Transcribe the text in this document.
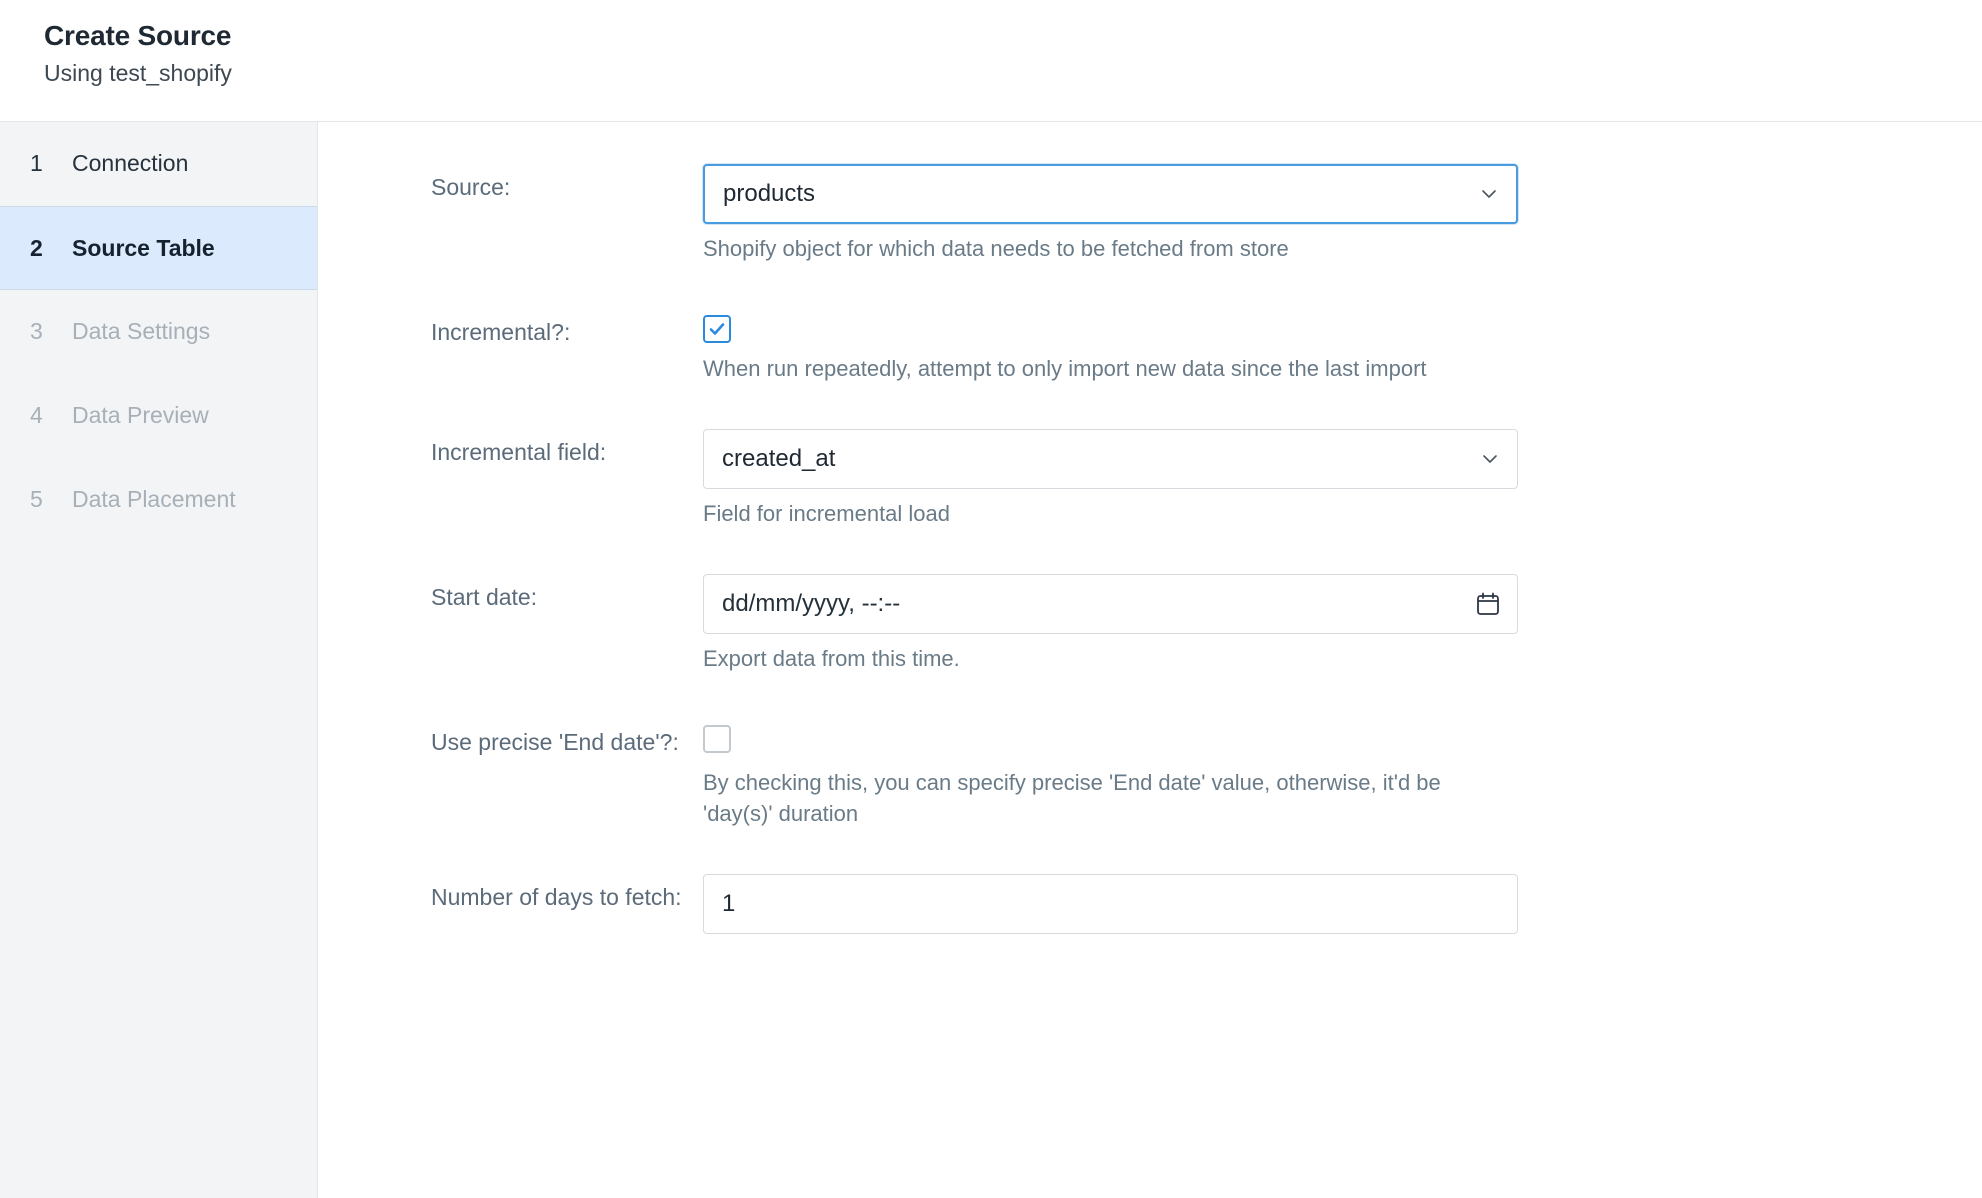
Create Source
Using test_shopify
1	Connection
2	Source Table
3	Data Settings
4	Data Preview
5	Data Placement
Source:	products
Shopify object for which data needs to be fetched from store
Incremental?:
When run repeatedly, attempt to only import new data since the last import
Incremental field:	created_at
Field for incremental load
Start date:	dd/mm/yyyy, --:--
Export data from this time.
Use precise 'End date'?:
By checking this, you can specify precise 'End date' value, otherwise, it'd be 'day(s)' duration
Number of days to fetch:	1
